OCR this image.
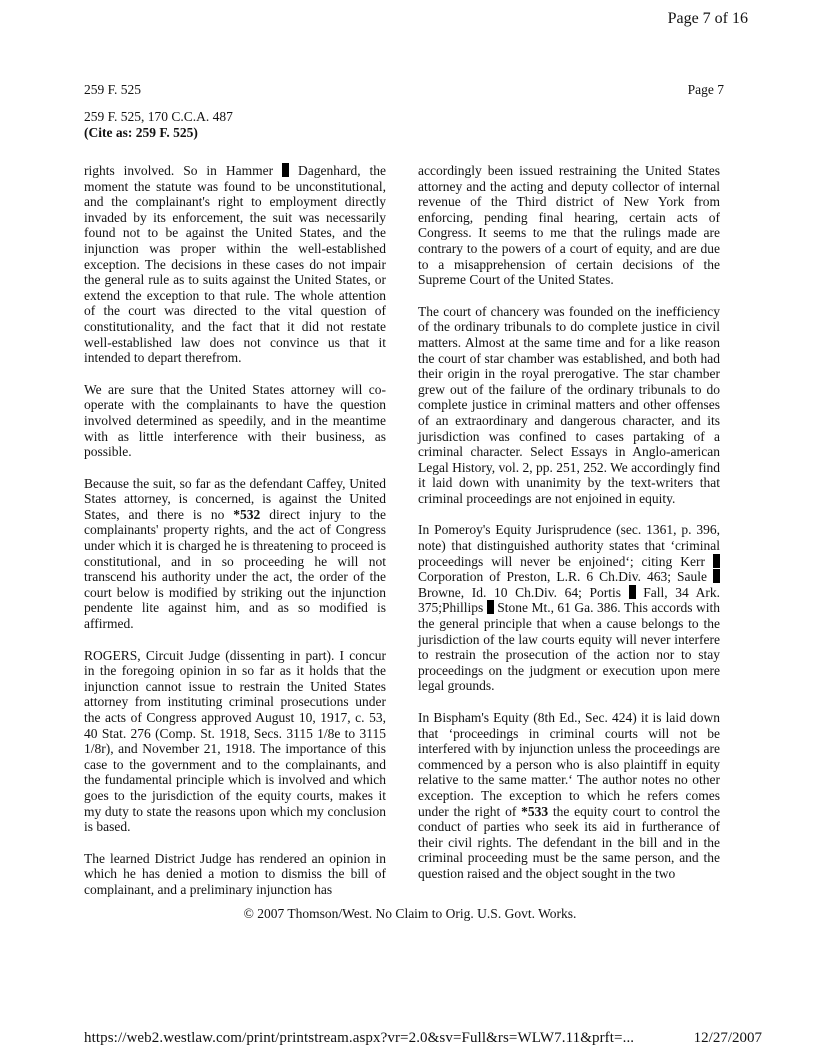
Page 7 of 16
259 F. 525	Page 7
259 F. 525, 170 C.C.A. 487
(Cite as: 259 F. 525)

rights involved. So in Hammer Dagenhard, the moment the statute was found to be unconstitutional, and the complainant's right to employment directly invaded by its enforcement, the suit was necessarily found not to be against the United States, and the injunction was proper within the well-established exception. The decisions in these cases do not impair the general rule as to suits against the United States, or extend the exception to that rule. The whole attention of the court was directed to the vital question of constitutionality, and the fact that it did not restate well-established law does not convince us that it intended to depart therefrom.

We are sure that the United States attorney will co-operate with the complainants to have the question involved determined as speedily, and in the meantime with as little interference with their business, as possible.

Because the suit, so far as the defendant Caffey, United States attorney, is concerned, is against the United States, and there is no *532 direct injury to the complainants' property rights, and the act of Congress under which it is charged he is threatening to proceed is constitutional, and in so proceeding he will not transcend his authority under the act, the order of the court below is modified by striking out the injunction pendente lite against him, and as so modified is affirmed.

ROGERS, Circuit Judge (dissenting in part). I concur in the foregoing opinion in so far as it holds that the injunction cannot issue to restrain the United States attorney from instituting criminal prosecutions under the acts of Congress approved August 10, 1917, c. 53, 40 Stat. 276 (Comp. St. 1918, Secs. 3115 1/8e to 3115 1/8r), and November 21, 1918. The importance of this case to the government and to the complainants, and the fundamental principle which is involved and which goes to the jurisdiction of the equity courts, makes it my duty to state the reasons upon which my conclusion is based.

The learned District Judge has rendered an opinion in which he has denied a motion to dismiss the bill of complainant, and a preliminary injunction has

accordingly been issued restraining the United States attorney and the acting and deputy collector of internal revenue of the Third district of New York from enforcing, pending final hearing, certain acts of Congress. It seems to me that the rulings made are contrary to the powers of a court of equity, and are due to a misapprehension of certain decisions of the Supreme Court of the United States.

The court of chancery was founded on the inefficiency of the ordinary tribunals to do complete justice in civil matters. Almost at the same time and for a like reason the court of star chamber was established, and both had their origin in the royal prerogative. The star chamber grew out of the failure of the ordinary tribunals to do complete justice in criminal matters and other offenses of an extraordinary and dangerous character, and its jurisdiction was confined to cases partaking of a criminal character. Select Essays in Anglo-american Legal History, vol. 2, pp. 251, 252. We accordingly find it laid down with unanimity by the text-writers that criminal proceedings are not enjoined in equity.

In Pomeroy's Equity Jurisprudence (sec. 1361, p. 396, note) that distinguished authority states that ‘criminal proceedings will never be enjoined‘; citing Kerr  Corporation of Preston, L.R. 6 Ch.Div. 463; Saule  Browne, Id. 10 Ch.Div. 64; Portis Fall, 34 Ark. 375;Phillips Stone Mt., 61 Ga. 386. This accords with the general principle that when a cause belongs to the jurisdiction of the law courts equity will never interfere to restrain the prosecution of the action nor to stay proceedings on the judgment or execution upon mere legal grounds.

In Bispham's Equity (8th Ed., Sec. 424) it is laid down that ‘proceedings in criminal courts will not be interfered with by injunction unless the proceedings are commenced by a person who is also plaintiff in equity relative to the same matter.‘ The author notes no other exception. The exception to which he refers comes under the right of *533 the equity court to control the conduct of parties who seek its aid in furtherance of their civil rights. The defendant in the bill and in the criminal proceeding must be the same person, and the question raised and the object sought in the two

© 2007 Thomson/West. No Claim to Orig. U.S. Govt. Works.
https://web2.westlaw.com/print/printstream.aspx?vr=2.0&sv=Full&rs=WLW7.11&prft=...	12/27/2007
